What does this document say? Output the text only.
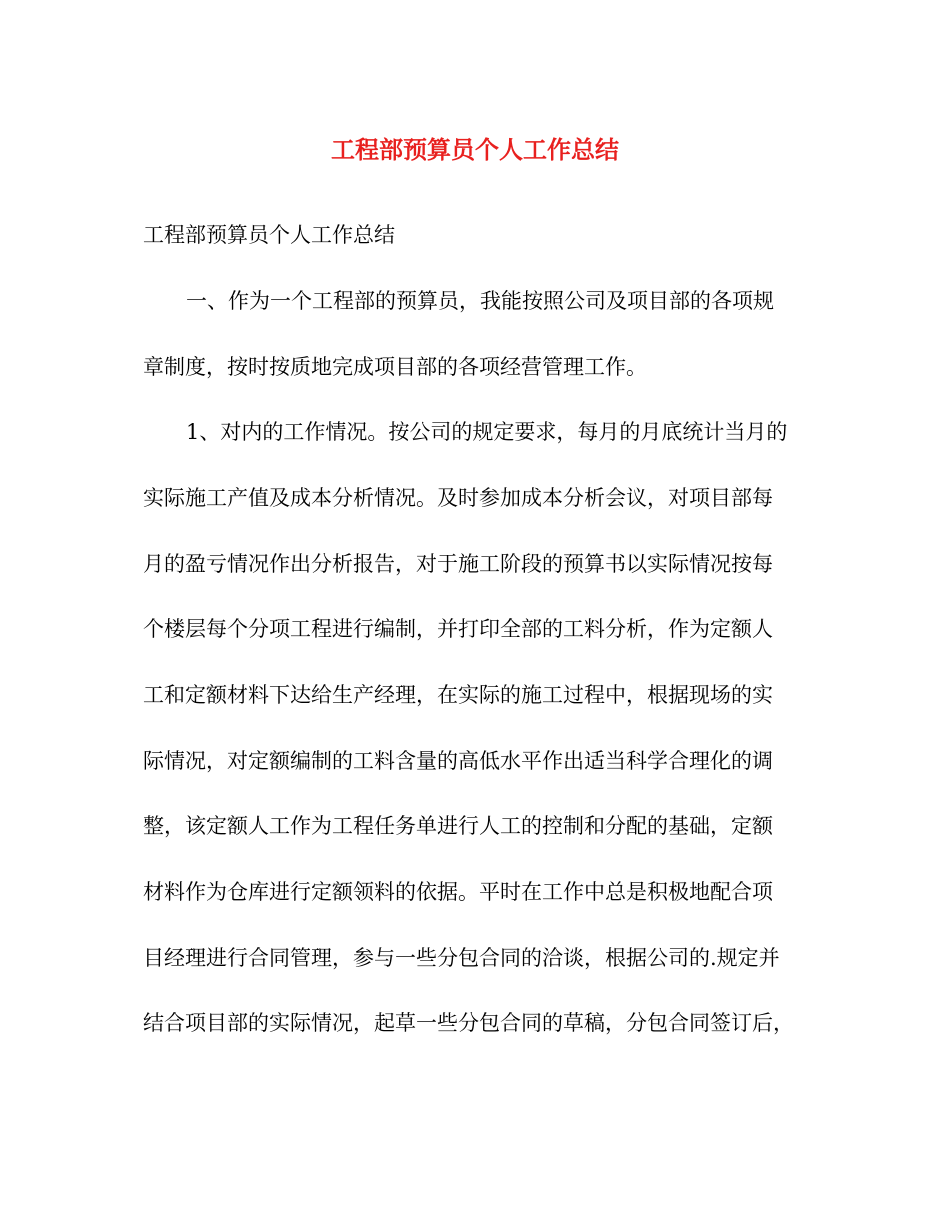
工程部预算员个人工作总结
工程部预算员个人工作总结
一、作为一个工程部的预算员，我能按照公司及项目部的各项规
章制度，按时按质地完成项目部的各项经营管理工作。
1、对内的工作情况。按公司的规定要求，每月的月底统计当月的
实际施工产值及成本分析情况。及时参加成本分析会议，对项目部每
月的盈亏情况作出分析报告，对于施工阶段的预算书以实际情况按每
个楼层每个分项工程进行编制，并打印全部的工料分析，作为定额人
工和定额材料下达给生产经理，在实际的施工过程中，根据现场的实
际情况，对定额编制的工料含量的高低水平作出适当科学合理化的调
整，该定额人工作为工程任务单进行人工的控制和分配的基础，定额
材料作为仓库进行定额领料的依据。平时在工作中总是积极地配合项
目经理进行合同管理，参与一些分包合同的洽谈，根据公司的.规定并
结合项目部的实际情况，起草一些分包合同的草稿，分包合同签订后，
